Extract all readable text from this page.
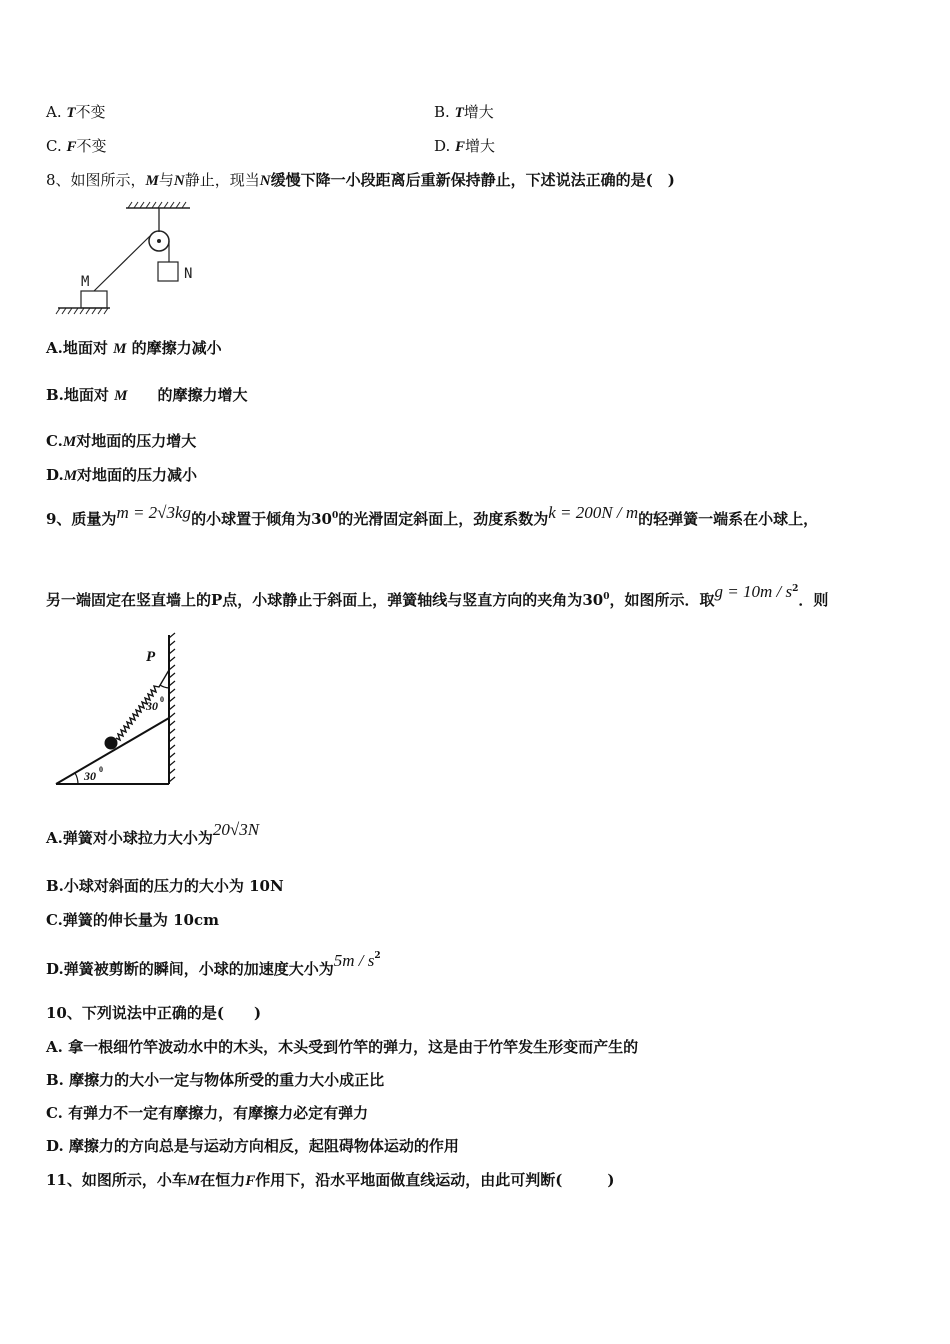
A. T不变	B. T增大
C. F不变	D. F增大
8、如图所示，M与N静止，现当N缓慢下降一小段距离后重新保持静止，下述说法正确的是(　)
N
M
A.地面对 M 的摩擦力减小
B.地面对 M　　的摩擦力增大
C.M对地面的压力增大
D.M对地面的压力减小
9、质量为m = 2√3kg的小球置于倾角为$30^0$的光滑固定斜面上，劲度系数为k = 200N / m的轻弹簧一端系在小球上，
另一端固定在竖直墙上的P点，小球静止于斜面上，弹簧轴线与竖直方向的夹角为$30^0$，如图所示．取$g = 10m / s^2$．则
30 0
30 0
P
A.弹簧对小球拉力大小为20√3N
B.小球对斜面的压力的大小为 10N
C.弹簧的伸长量为 10cm
D.弹簧被剪断的瞬间，小球的加速度大小为$5m / s^2$
10、下列说法中正确的是(　　)
A. 拿一根细竹竿波动水中的木头，木头受到竹竿的弹力，这是由于竹竿发生形变而产生的
B. 摩擦力的大小一定与物体所受的重力大小成正比
C. 有弹力不一定有摩擦力，有摩擦力必定有弹力
D. 摩擦力的方向总是与运动方向相反，起阻碍物体运动的作用
11、如图所示，小车M在恒力F作用下，沿水平地面做直线运动，由此可判断(　　　)
